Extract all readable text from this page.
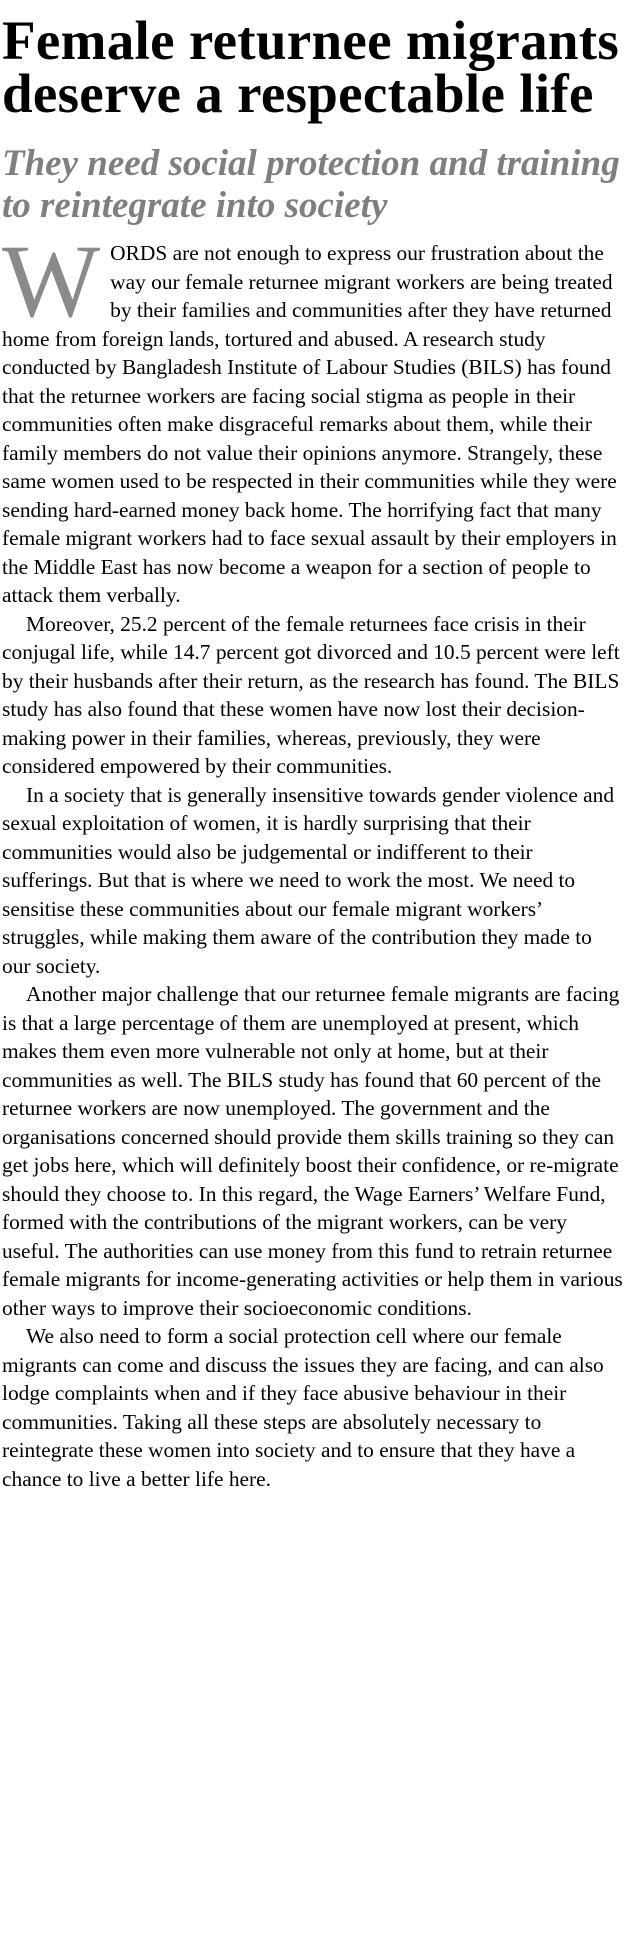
Female returnee migrants deserve a respectable life
They need social protection and training to reintegrate into society

WORDS are not enough to express our frustration about the way our female returnee migrant workers are being treated by their families and communities after they have returned home from foreign lands, tortured and abused. A research study conducted by Bangladesh Institute of Labour Studies (BILS) has found that the returnee workers are facing social stigma as people in their communities often make disgraceful remarks about them, while their family members do not value their opinions anymore. Strangely, these same women used to be respected in their communities while they were sending hard-earned money back home. The horrifying fact that many female migrant workers had to face sexual assault by their employers in the Middle East has now become a weapon for a section of people to attack them verbally.

Moreover, 25.2 percent of the female returnees face crisis in their conjugal life, while 14.7 percent got divorced and 10.5 percent were left by their husbands after their return, as the research has found. The BILS study has also found that these women have now lost their decision-making power in their families, whereas, previously, they were considered empowered by their communities.

In a society that is generally insensitive towards gender violence and sexual exploitation of women, it is hardly surprising that their communities would also be judgemental or indifferent to their sufferings. But that is where we need to work the most. We need to sensitise these communities about our female migrant workers’ struggles, while making them aware of the contribution they made to our society.

Another major challenge that our returnee female migrants are facing is that a large percentage of them are unemployed at present, which makes them even more vulnerable not only at home, but at their communities as well. The BILS study has found that 60 percent of the returnee workers are now unemployed. The government and the organisations concerned should provide them skills training so they can get jobs here, which will definitely boost their confidence, or re-migrate should they choose to. In this regard, the Wage Earners’ Welfare Fund, formed with the contributions of the migrant workers, can be very useful. The authorities can use money from this fund to retrain returnee female migrants for income-generating activities or help them in various other ways to improve their socioeconomic conditions.

We also need to form a social protection cell where our female migrants can come and discuss the issues they are facing, and can also lodge complaints when and if they face abusive behaviour in their communities. Taking all these steps are absolutely necessary to reintegrate these women into society and to ensure that they have a chance to live a better life here.
